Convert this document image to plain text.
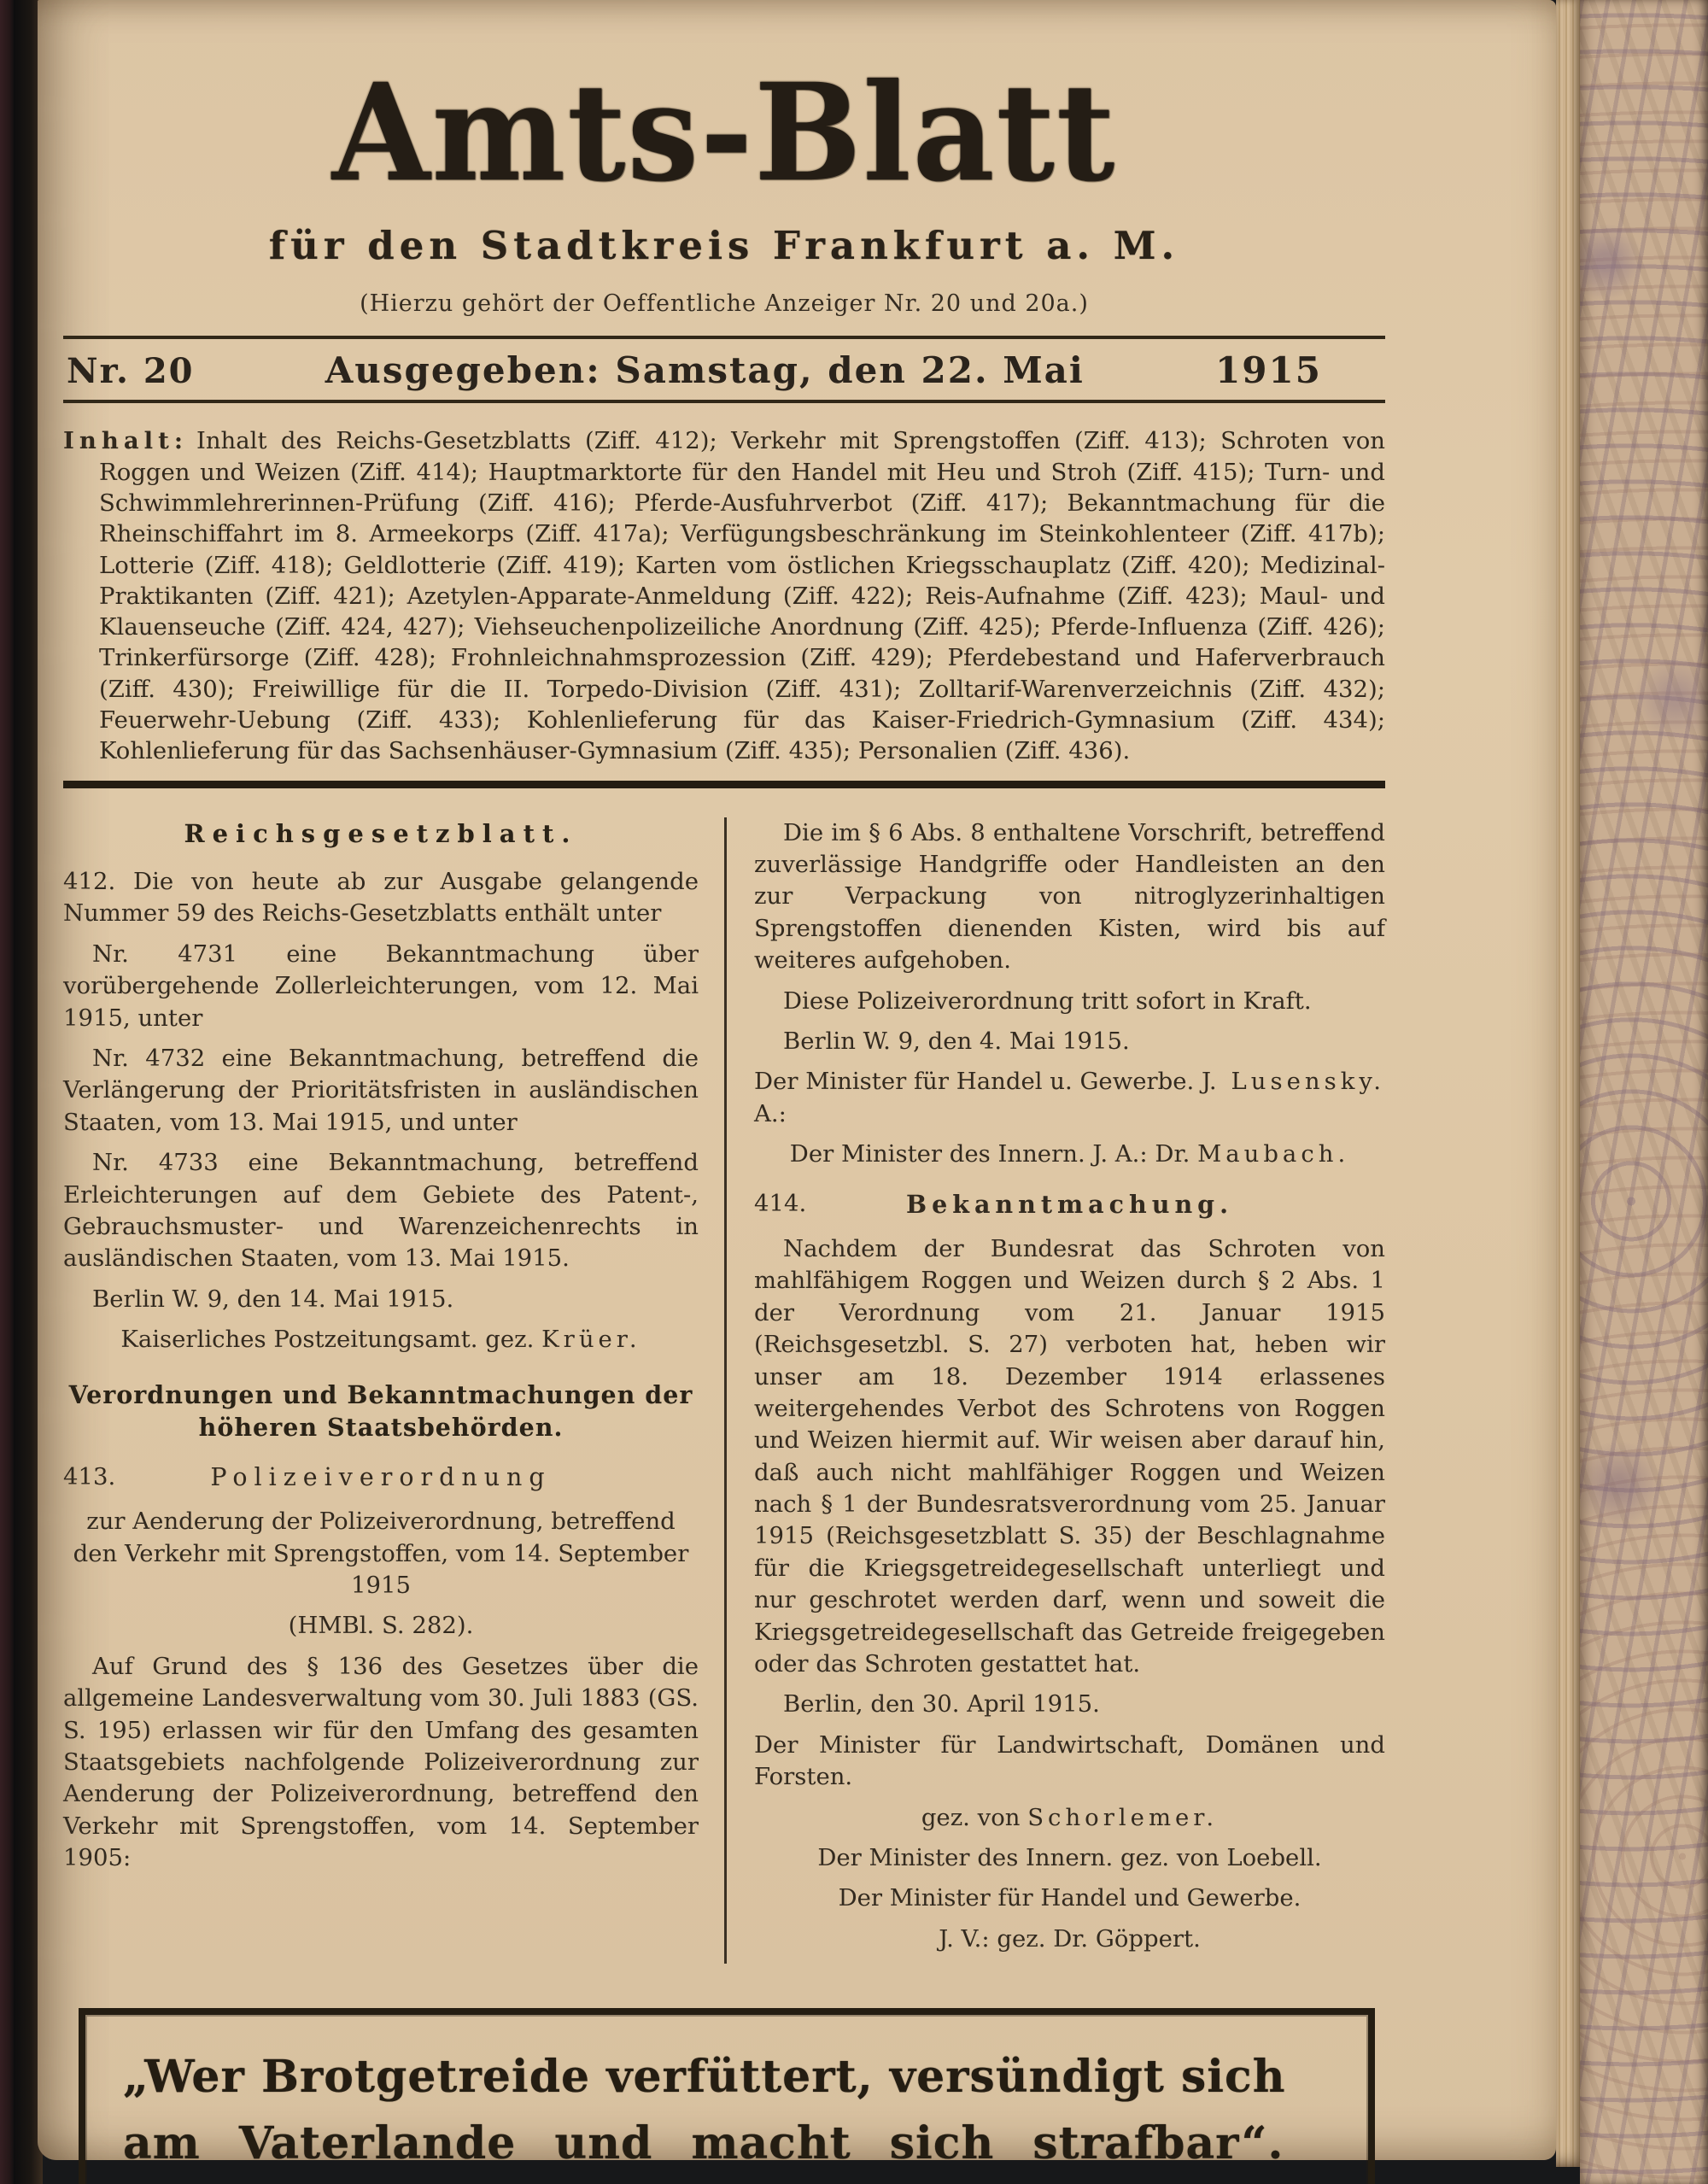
Amts-Blatt
für den Stadtkreis Frankfurt a. M.
(Hierzu gehört der Oeffentliche Anzeiger Nr. 20 und 20a.)
Nr. 20	Ausgegeben: Samstag, den 22. Mai	1915

Inhalt: Inhalt des Reichs-Gesetzblatts (Ziff. 412); Verkehr mit Sprengstoffen (Ziff. 413); Schroten von Roggen und Weizen (Ziff. 414); Hauptmarktorte für den Handel mit Heu und Stroh (Ziff. 415); Turn- und Schwimmlehrerinnen-Prüfung (Ziff. 416); Pferde-Ausfuhrverbot (Ziff. 417); Bekanntmachung für die Rheinschiffahrt im 8. Armeekorps (Ziff. 417a); Verfügungsbeschränkung im Steinkohlenteer (Ziff. 417b); Lotterie (Ziff. 418); Geldlotterie (Ziff. 419); Karten vom östlichen Kriegsschauplatz (Ziff. 420); Medizinal-Praktikanten (Ziff. 421); Azetylen-Apparate-Anmeldung (Ziff. 422); Reis-Aufnahme (Ziff. 423); Maul- und Klauenseuche (Ziff. 424, 427); Viehseuchenpolizeiliche Anordnung (Ziff. 425); Pferde-Influenza (Ziff. 426); Trinkerfürsorge (Ziff. 428); Frohnleichnahmsprozession (Ziff. 429); Pferdebestand und Haferverbrauch (Ziff. 430); Freiwillige für die II. Torpedo-Division (Ziff. 431); Zolltarif-Warenverzeichnis (Ziff. 432); Feuerwehr-Uebung (Ziff. 433); Kohlenlieferung für das Kaiser-Friedrich-Gymnasium (Ziff. 434); Kohlenlieferung für das Sachsenhäuser-Gymnasium (Ziff. 435); Personalien (Ziff. 436).

Reichsgesetzblatt.

412. Die von heute ab zur Ausgabe gelangende Nummer 59 des Reichs-Gesetzblatts enthält unter

Nr. 4731 eine Bekanntmachung über vorübergehende Zollerleichterungen, vom 12. Mai 1915, unter

Nr. 4732 eine Bekanntmachung, betreffend die Verlängerung der Prioritätsfristen in ausländischen Staaten, vom 13. Mai 1915, und unter

Nr. 4733 eine Bekanntmachung, betreffend Erleichterungen auf dem Gebiete des Patent-, Gebrauchsmuster- und Warenzeichenrechts in ausländischen Staaten, vom 13. Mai 1915.

Berlin W. 9, den 14. Mai 1915.

Kaiserliches Postzeitungsamt. gez. Krüer.

Verordnungen und Bekanntmachungen der höheren Staatsbehörden.
413.	Polizeiverordnung

zur Aenderung der Polizeiverordnung, betreffend den Verkehr mit Sprengstoffen, vom 14. September 1915

(HMBl. S. 282).

Auf Grund des § 136 des Gesetzes über die allgemeine Landesverwaltung vom 30. Juli 1883 (GS. S. 195) erlassen wir für den Umfang des gesamten Staatsgebiets nachfolgende Polizeiverordnung zur Aenderung der Polizeiverordnung, betreffend den Verkehr mit Sprengstoffen, vom 14. September 1905:

Die im § 6 Abs. 8 enthaltene Vorschrift, betreffend zuverlässige Handgriffe oder Handleisten an den zur Verpackung von nitroglyzerinhaltigen Sprengstoffen dienenden Kisten, wird bis auf weiteres aufgehoben.

Diese Polizeiverordnung tritt sofort in Kraft.

Berlin W. 9, den 4. Mai 1915.

Der Minister für Handel u. Gewerbe. J. A.:
Lusensky.

Der Minister des Innern. J. A.: Dr. Maubach.

414.	Bekanntmachung.

Nachdem der Bundesrat das Schroten von mahlfähigem Roggen und Weizen durch § 2 Abs. 1 der Verordnung vom 21. Januar 1915 (Reichsgesetzbl. S. 27) verboten hat, heben wir unser am 18. Dezember 1914 erlassenes weitergehendes Verbot des Schrotens von Roggen und Weizen hiermit auf. Wir weisen aber darauf hin, daß auch nicht mahlfähiger Roggen und Weizen nach § 1 der Bundesratsverordnung vom 25. Januar 1915 (Reichsgesetzblatt S. 35) der Beschlagnahme für die Kriegsgetreidegesellschaft unterliegt und nur geschrotet werden darf, wenn und soweit die Kriegsgetreidegesellschaft das Getreide freigegeben oder das Schroten gestattet hat.

Berlin, den 30. April 1915.

Der Minister für Landwirtschaft, Domänen und Forsten.

gez. von Schorlemer.

Der Minister des Innern. gez. von Loebell.

Der Minister für Handel und Gewerbe.

J. V.: gez. Dr. Göppert.

„Wer Brotgetreide verfüttert, versündigt sich
am Vaterlande und macht sich strafbar“.
